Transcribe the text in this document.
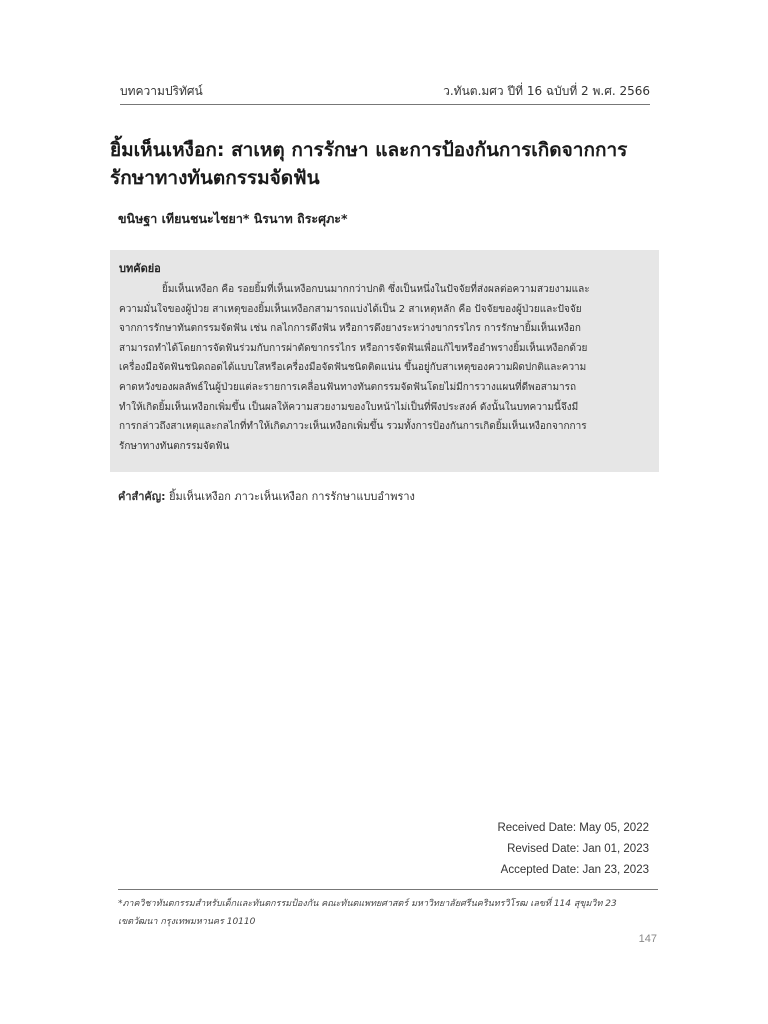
บทความปริทัศน์	ว.ทันต.มศว ปีที่ 16 ฉบับที่ 2 พ.ศ. 2566
ยิ้มเห็นเหงือก: สาเหตุ การรักษา และการป้องกันการเกิดจากการ
รักษาทางทันตกรรมจัดฟัน
ขนิษฐา เทียนชนะไชยา* นิรนาท ถิระศุภะ*
บทคัดย่อ
ยิ้มเห็นเหงือก คือ รอยยิ้มที่เห็นเหงือกบนมากกว่าปกติ ซึ่งเป็นหนึ่งในปัจจัยที่ส่งผลต่อความสวยงามและ
ความมั่นใจของผู้ป่วย สาเหตุของยิ้มเห็นเหงือกสามารถแบ่งได้เป็น 2 สาเหตุหลัก คือ ปัจจัยของผู้ป่วยและปัจจัย
จากการรักษาทันตกรรมจัดฟัน เช่น กลไกการดึงฟัน หรือการดึงยางระหว่างขากรรไกร การรักษายิ้มเห็นเหงือก
สามารถทำได้โดยการจัดฟันร่วมกับการผ่าตัดขากรรไกร หรือการจัดฟันเพื่อแก้ไขหรืออำพรางยิ้มเห็นเหงือกด้วย
เครื่องมือจัดฟันชนิดถอดได้แบบใสหรือเครื่องมือจัดฟันชนิดติดแน่น ขึ้นอยู่กับสาเหตุของความผิดปกติและความ
คาดหวังของผลลัพธ์ในผู้ป่วยแต่ละรายการเคลื่อนฟันทางทันตกรรมจัดฟันโดยไม่มีการวางแผนที่ดีพอสามารถ
ทำให้เกิดยิ้มเห็นเหงือกเพิ่มขึ้น เป็นผลให้ความสวยงามของใบหน้าไม่เป็นที่พึงประสงค์ ดังนั้นในบทความนี้จึงมี
การกล่าวถึงสาเหตุและกลไกที่ทำให้เกิดภาวะเห็นเหงือกเพิ่มขึ้น รวมทั้งการป้องกันการเกิดยิ้มเห็นเหงือกจากการ
รักษาทางทันตกรรมจัดฟัน
คำสำคัญ: ยิ้มเห็นเหงือก ภาวะเห็นเหงือก การรักษาแบบอำพราง
Received Date: May 05, 2022
Revised Date: Jan 01, 2023
Accepted Date: Jan 23, 2023
*ภาควิชาทันตกรรมสำหรับเด็กและทันตกรรมป้องกัน คณะทันตแพทยศาสตร์ มหาวิทยาลัยศรีนครินทรวิโรฒ เลขที่ 114 สุขุมวิท 23
เขตวัฒนา กรุงเทพมหานคร 10110
147
